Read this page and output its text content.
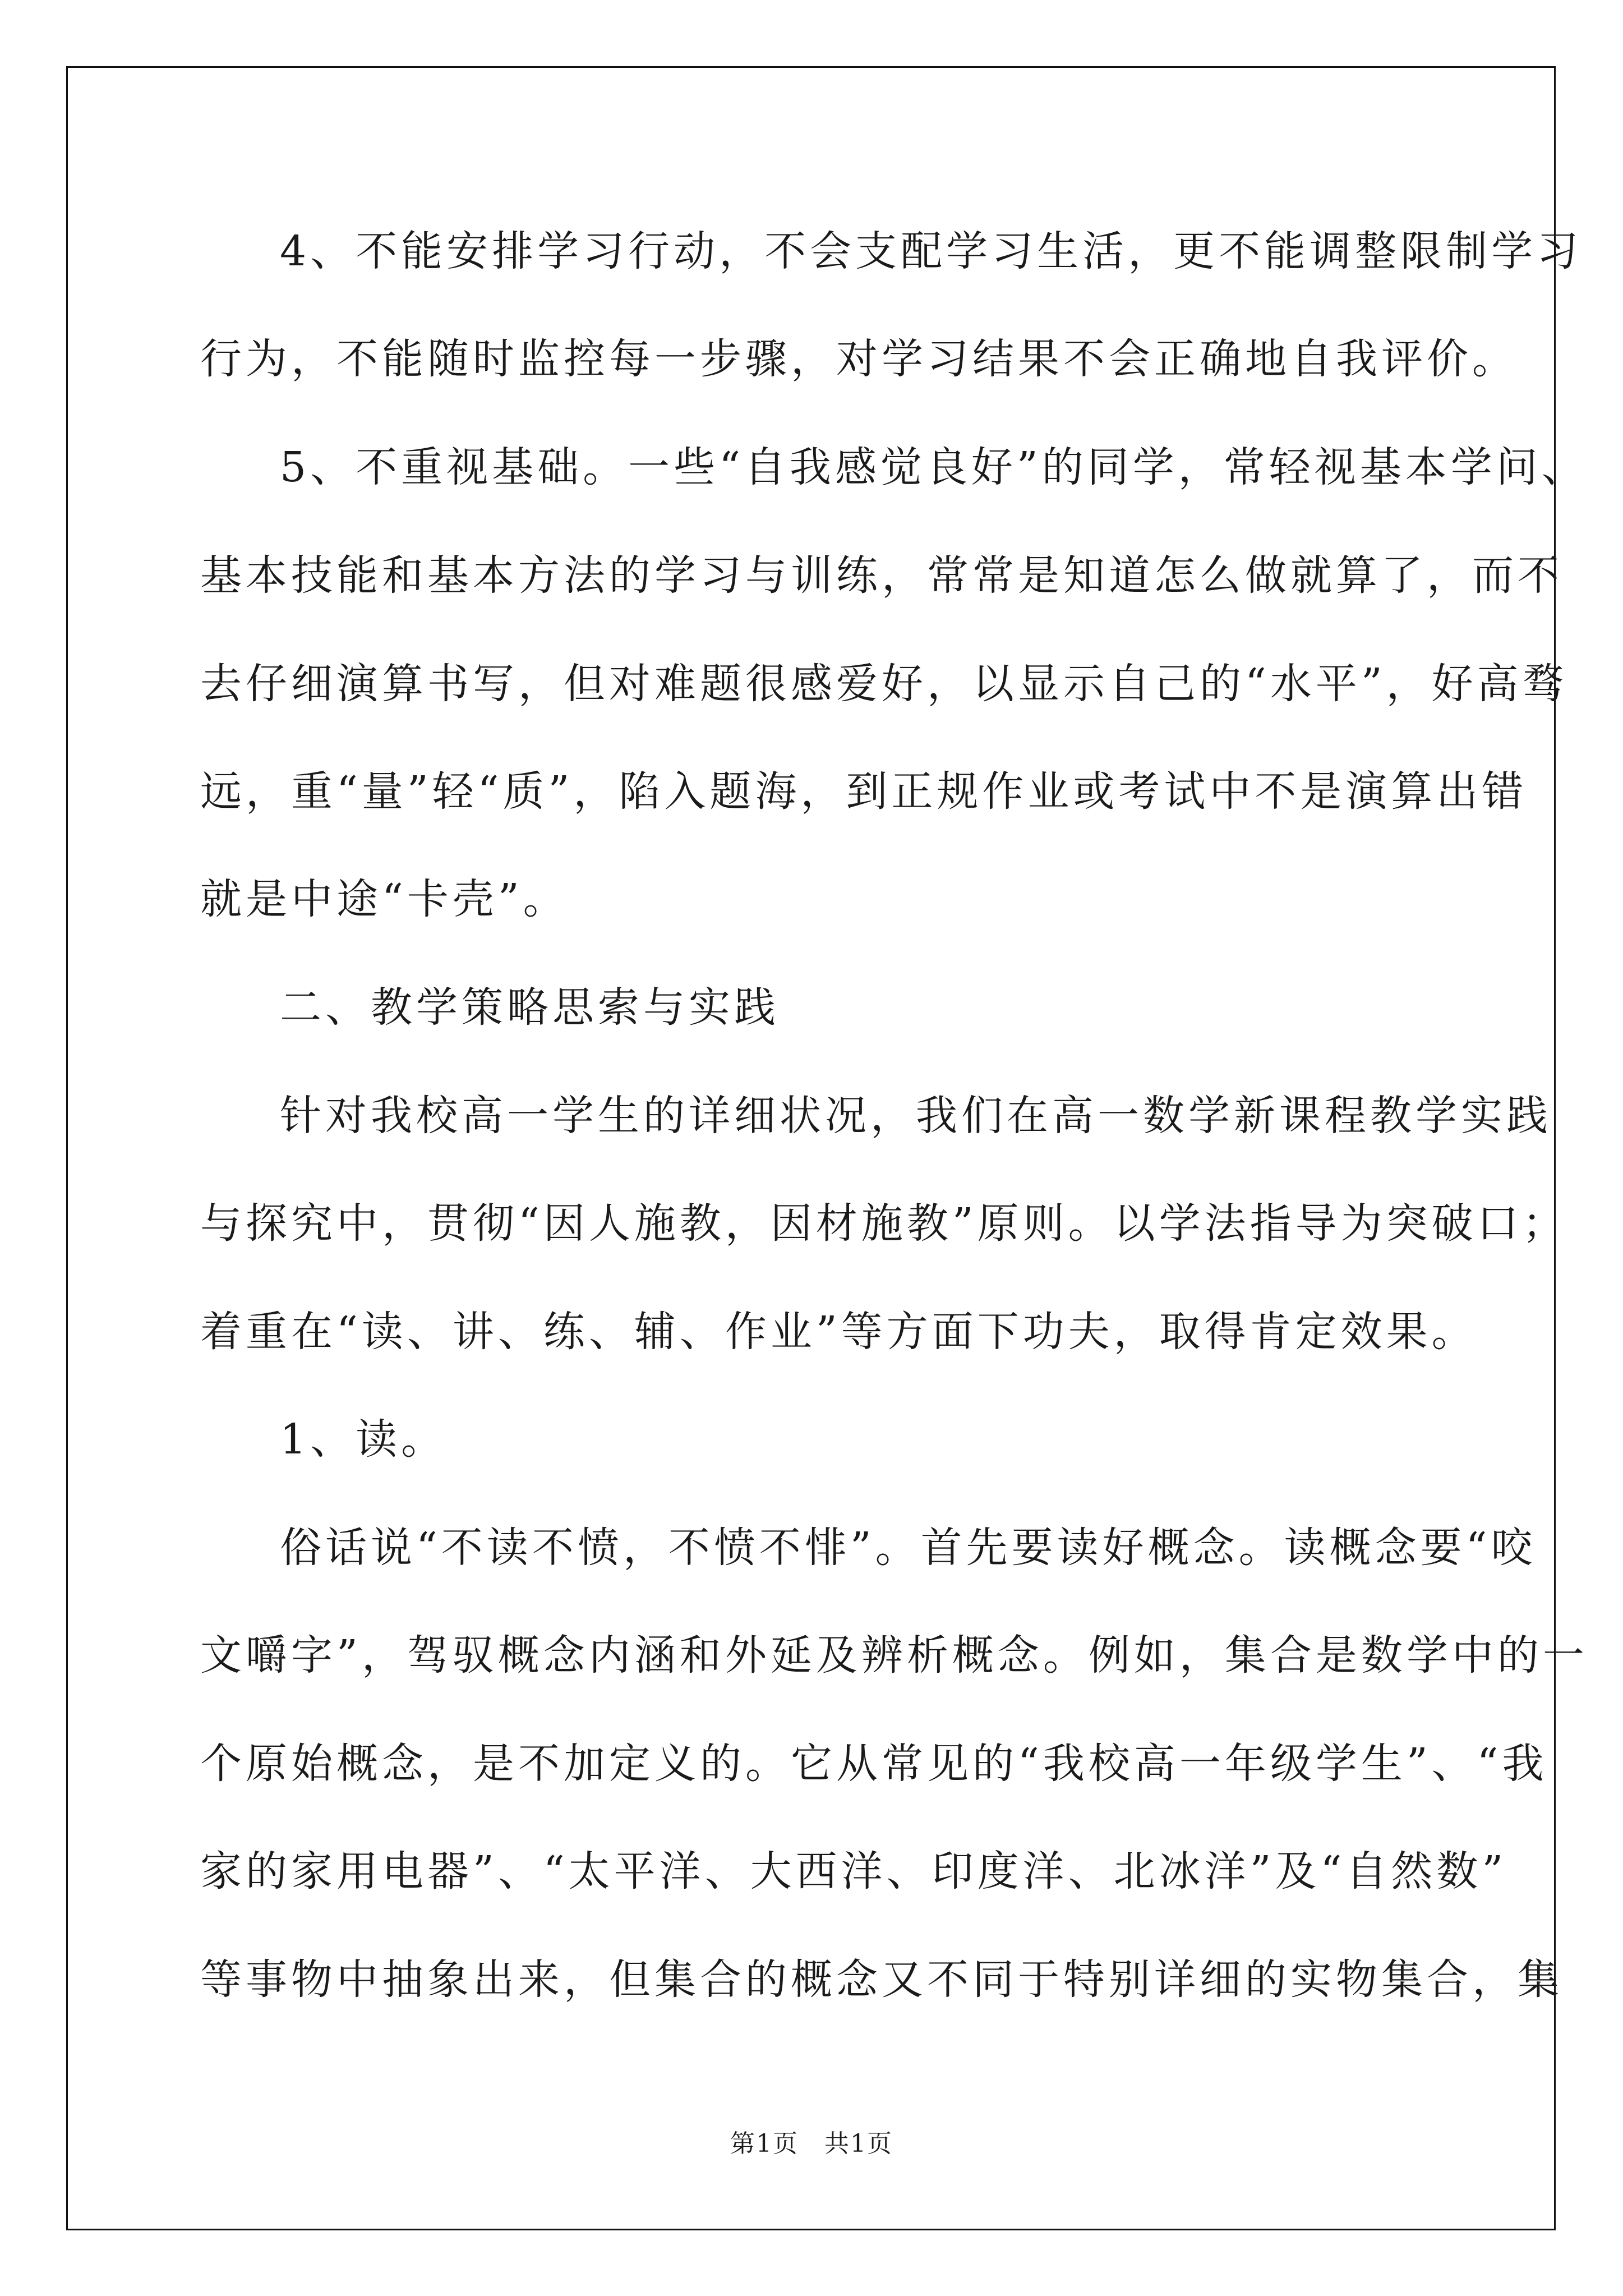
4、不能安排学习行动，不会支配学习生活，更不能调整限制学习
行为，不能随时监控每一步骤，对学习结果不会正确地自我评价。
5、不重视基础。一些“自我感觉良好”的同学，常轻视基本学问、
基本技能和基本方法的学习与训练，常常是知道怎么做就算了，而不
去仔细演算书写，但对难题很感爱好，以显示自己的“水平”，好高骛
远，重“量”轻“质”，陷入题海，到正规作业或考试中不是演算出错
就是中途“卡壳”。
二、教学策略思索与实践
针对我校高一学生的详细状况，我们在高一数学新课程教学实践
与探究中，贯彻“因人施教，因材施教”原则。以学法指导为突破口；
着重在“读、讲、练、辅、作业”等方面下功夫，取得肯定效果。
1、读。
俗话说“不读不愤，不愤不悱”。首先要读好概念。读概念要“咬
文嚼字”，驾驭概念内涵和外延及辨析概念。例如，集合是数学中的一
个原始概念，是不加定义的。它从常见的“我校高一年级学生”、“我
家的家用电器”、“太平洋、大西洋、印度洋、北冰洋”及“自然数”
等事物中抽象出来，但集合的概念又不同于特别详细的实物集合，集
第1页　共1页
